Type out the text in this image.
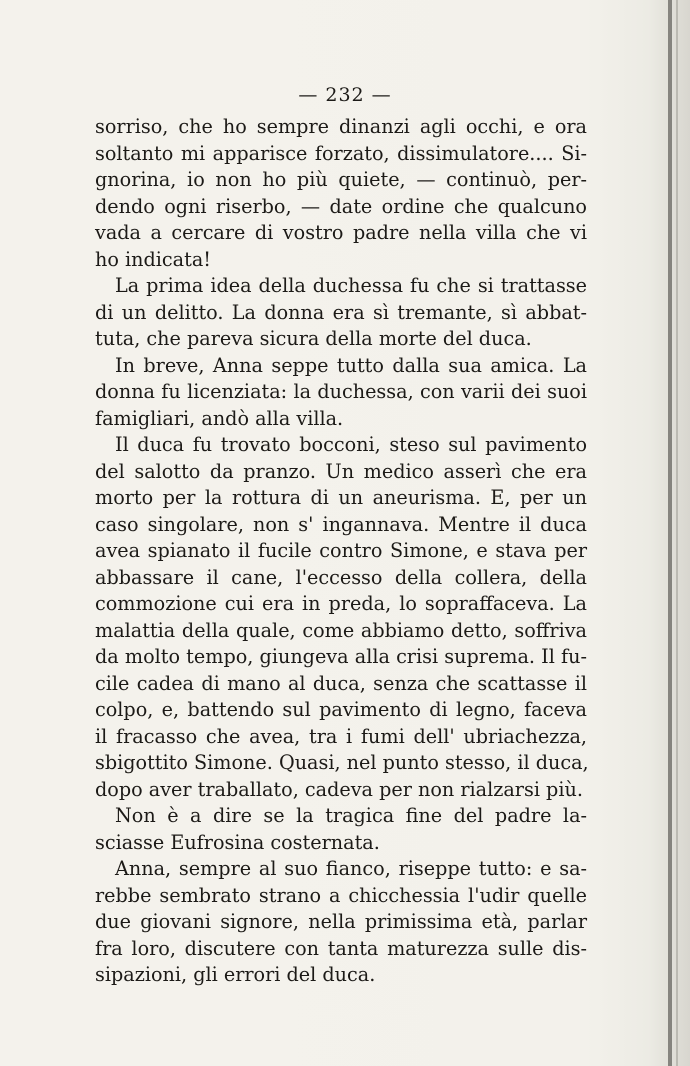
— 232 —
sorriso, che ho sempre dinanzi agli occhi, e ora
soltanto mi apparisce forzato, dissimulatore.... Si-
gnorina, io non ho più quiete, — continuò, per-
dendo ogni riserbo, — date ordine che qualcuno
vada a cercare di vostro padre nella villa che vi
ho indicata!
La prima idea della duchessa fu che si trattasse
di un delitto. La donna era sì tremante, sì abbat-
tuta, che pareva sicura della morte del duca.
In breve, Anna seppe tutto dalla sua amica. La
donna fu licenziata: la duchessa, con varii dei suoi
famigliari, andò alla villa.
Il duca fu trovato bocconi, steso sul pavimento
del salotto da pranzo. Un medico asserì che era
morto per la rottura di un aneurisma. E, per un
caso singolare, non s' ingannava. Mentre il duca
avea spianato il fucile contro Simone, e stava per
abbassare il cane, l'eccesso della collera, della
commozione cui era in preda, lo sopraffaceva. La
malattia della quale, come abbiamo detto, soffriva
da molto tempo, giungeva alla crisi suprema. Il fu-
cile cadea di mano al duca, senza che scattasse il
colpo, e, battendo sul pavimento di legno, faceva
il fracasso che avea, tra i fumi dell' ubriachezza,
sbigottito Simone. Quasi, nel punto stesso, il duca,
dopo aver traballato, cadeva per non rialzarsi più.
Non è a dire se la tragica fine del padre la-
sciasse Eufrosina costernata.
Anna, sempre al suo fianco, riseppe tutto: e sa-
rebbe sembrato strano a chicchessia l'udir quelle
due giovani signore, nella primissima età, parlar
fra loro, discutere con tanta maturezza sulle dis-
sipazioni, gli errori del duca.
